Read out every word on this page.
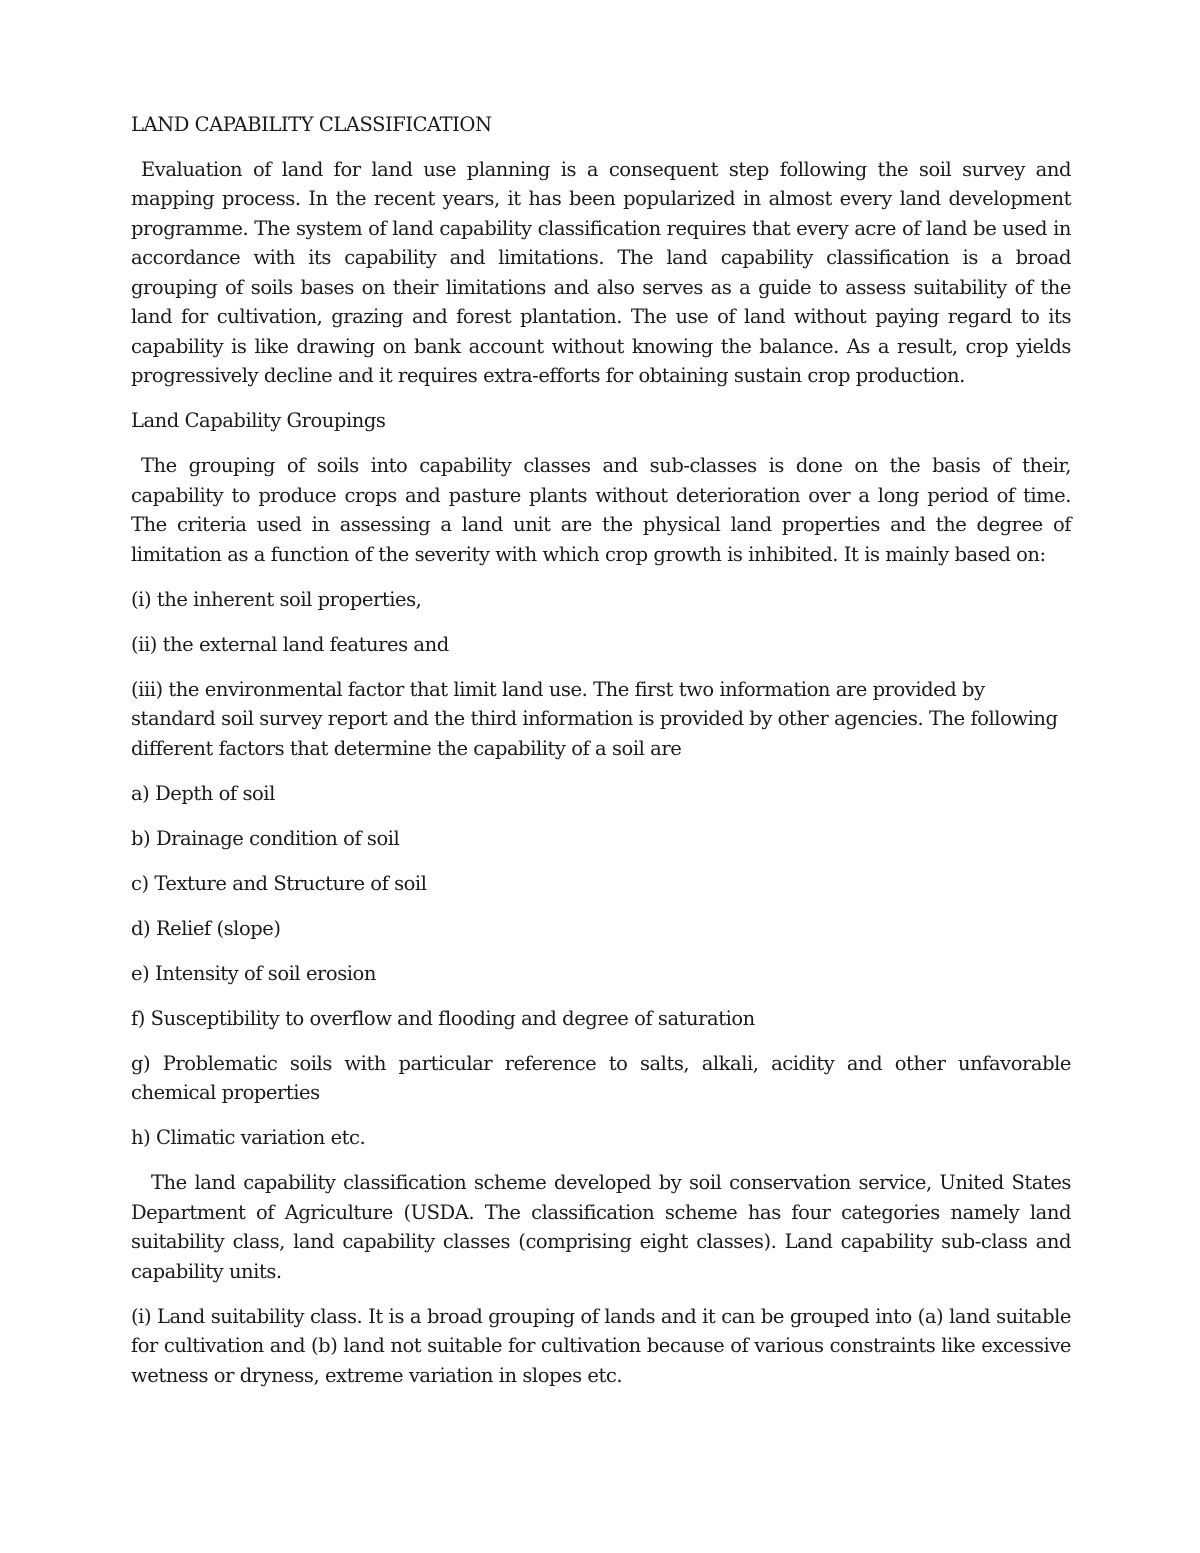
LAND CAPABILITY CLASSIFICATION

Evaluation of land for land use planning is a consequent step following the soil survey and mapping process. In the recent years, it has been popularized in almost every land development programme. The system of land capability classification requires that every acre of land be used in accordance with its capability and limitations. The land capability classification is a broad grouping of soils bases on their limitations and also serves as a guide to assess suitability of the land for cultivation, grazing and forest plantation. The use of land without paying regard to its capability is like drawing on bank account without knowing the balance. As a result, crop yields progressively decline and it requires extra-efforts for obtaining sustain crop production.

Land Capability Groupings

The grouping of soils into capability classes and sub-classes is done on the basis of their, capability to produce crops and pasture plants without deterioration over a long period of time. The criteria used in assessing a land unit are the physical land properties and the degree of limitation as a function of the severity with which crop growth is inhibited. It is mainly based on:

(i) the inherent soil properties,

(ii) the external land features and

(iii) the environmental factor that limit land use. The first two information are provided by standard soil survey report and the third information is provided by other agencies. The following different factors that determine the capability of a soil are

a) Depth of soil

b) Drainage condition of soil

c) Texture and Structure of soil

d) Relief (slope)

e) Intensity of soil erosion

f) Susceptibility to overflow and flooding and degree of saturation

g) Problematic soils with particular reference to salts, alkali, acidity and other unfavorable chemical properties

h) Climatic variation etc.

The land capability classification scheme developed by soil conservation service, United States Department of Agriculture (USDA. The classification scheme has four categories namely land suitability class, land capability classes (comprising eight classes). Land capability sub-class and capability units.

(i) Land suitability class. It is a broad grouping of lands and it can be grouped into (a) land suitable for cultivation and (b) land not suitable for cultivation because of various constraints like excessive wetness or dryness, extreme variation in slopes etc.
